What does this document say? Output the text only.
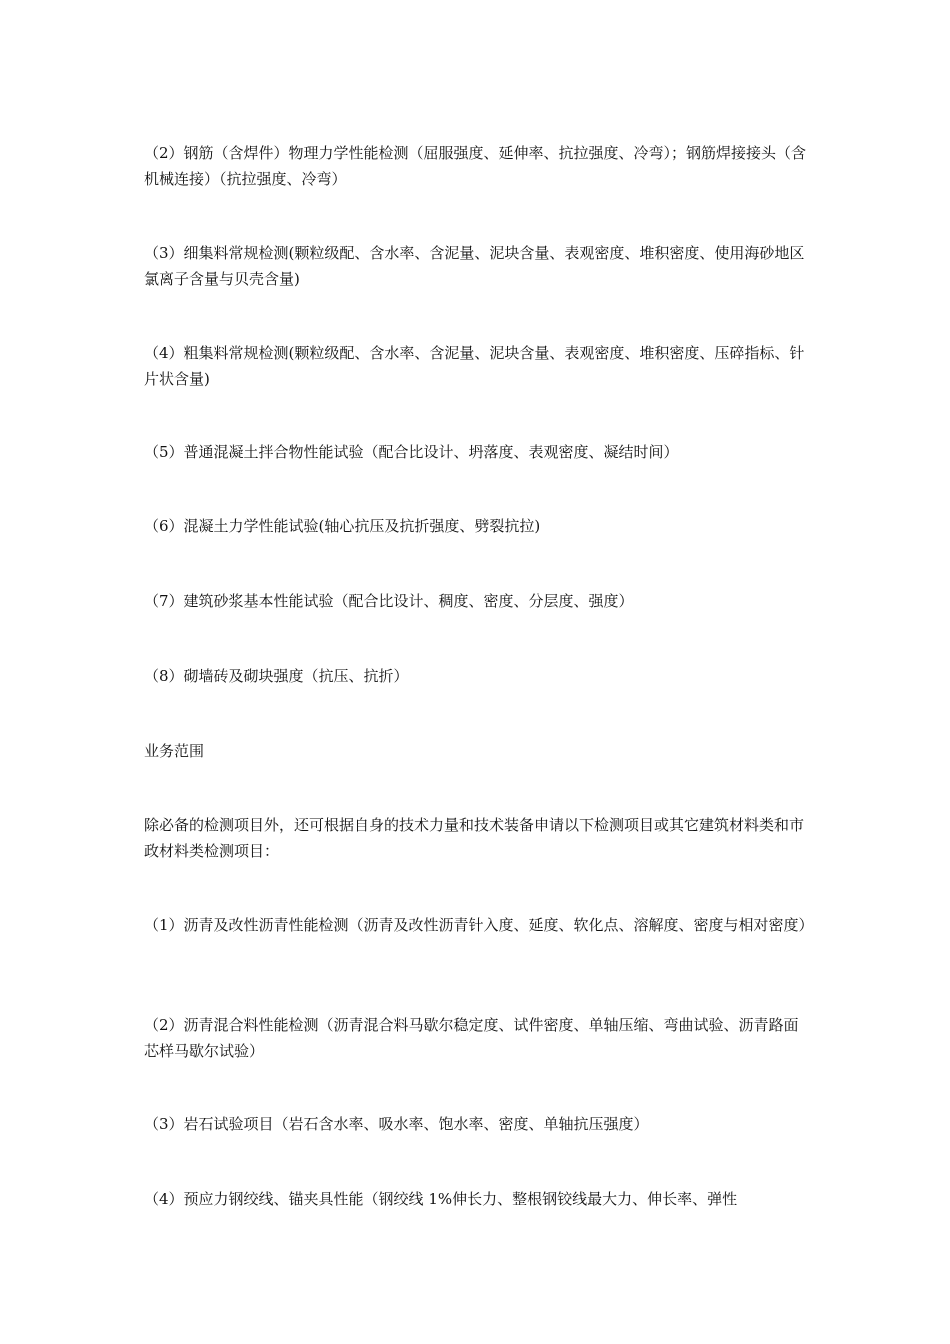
（2）钢筋（含焊件）物理力学性能检测（屈服强度、延伸率、抗拉强度、冷弯）；钢筋焊接接头（含机械连接）（抗拉强度、冷弯）

（3）细集料常规检测(颗粒级配、含水率、含泥量、泥块含量、表观密度、堆积密度、使用海砂地区氯离子含量与贝壳含量)

（4）粗集料常规检测(颗粒级配、含水率、含泥量、泥块含量、表观密度、堆积密度、压碎指标、针片状含量)

（5）普通混凝土拌合物性能试验（配合比设计、坍落度、表观密度、凝结时间）

（6）混凝土力学性能试验(轴心抗压及抗折强度、劈裂抗拉)

（7）建筑砂浆基本性能试验（配合比设计、稠度、密度、分层度、强度）

（8）砌墙砖及砌块强度（抗压、抗折）

业务范围

除必备的检测项目外，还可根据自身的技术力量和技术装备申请以下检测项目或其它建筑材料类和市政材料类检测项目：

（1）沥青及改性沥青性能检测（沥青及改性沥青针入度、延度、软化点、溶解度、密度与相对密度）

（2）沥青混合料性能检测（沥青混合料马歇尔稳定度、试件密度、单轴压缩、弯曲试验、沥青路面芯样马歇尔试验）

（3）岩石试验项目（岩石含水率、吸水率、饱水率、密度、单轴抗压强度）

（4）预应力钢绞线、锚夹具性能（钢绞线 1%伸长力、整根钢铰线最大力、伸长率、弹性
